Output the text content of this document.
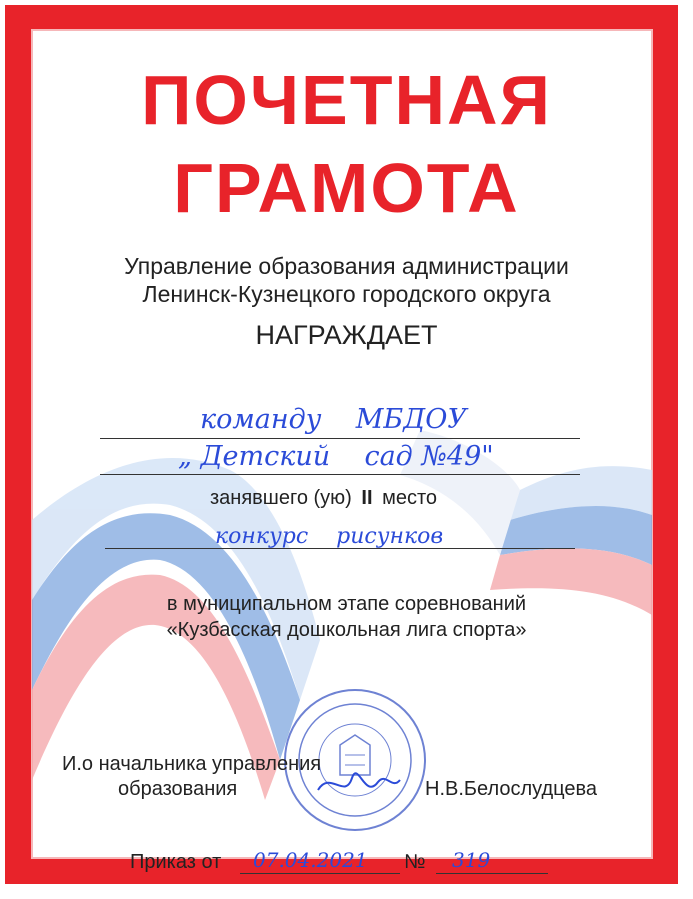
ПОЧЕТНАЯ
ГРАМОТА
Управление образования администрации
Ленинск-Кузнецкого городского округа
НАГРАЖДАЕТ
команду    МБДОУ
„ Детский    сад №49"
занявшего (ую) II место
конкурс    рисунков
в муниципальном этапе соревнований
«Кузбасская дошкольная лига спорта»
И.о начальника управления
образования	Н.В.Белослудцева
Приказ от	07.04.2021	№	319
